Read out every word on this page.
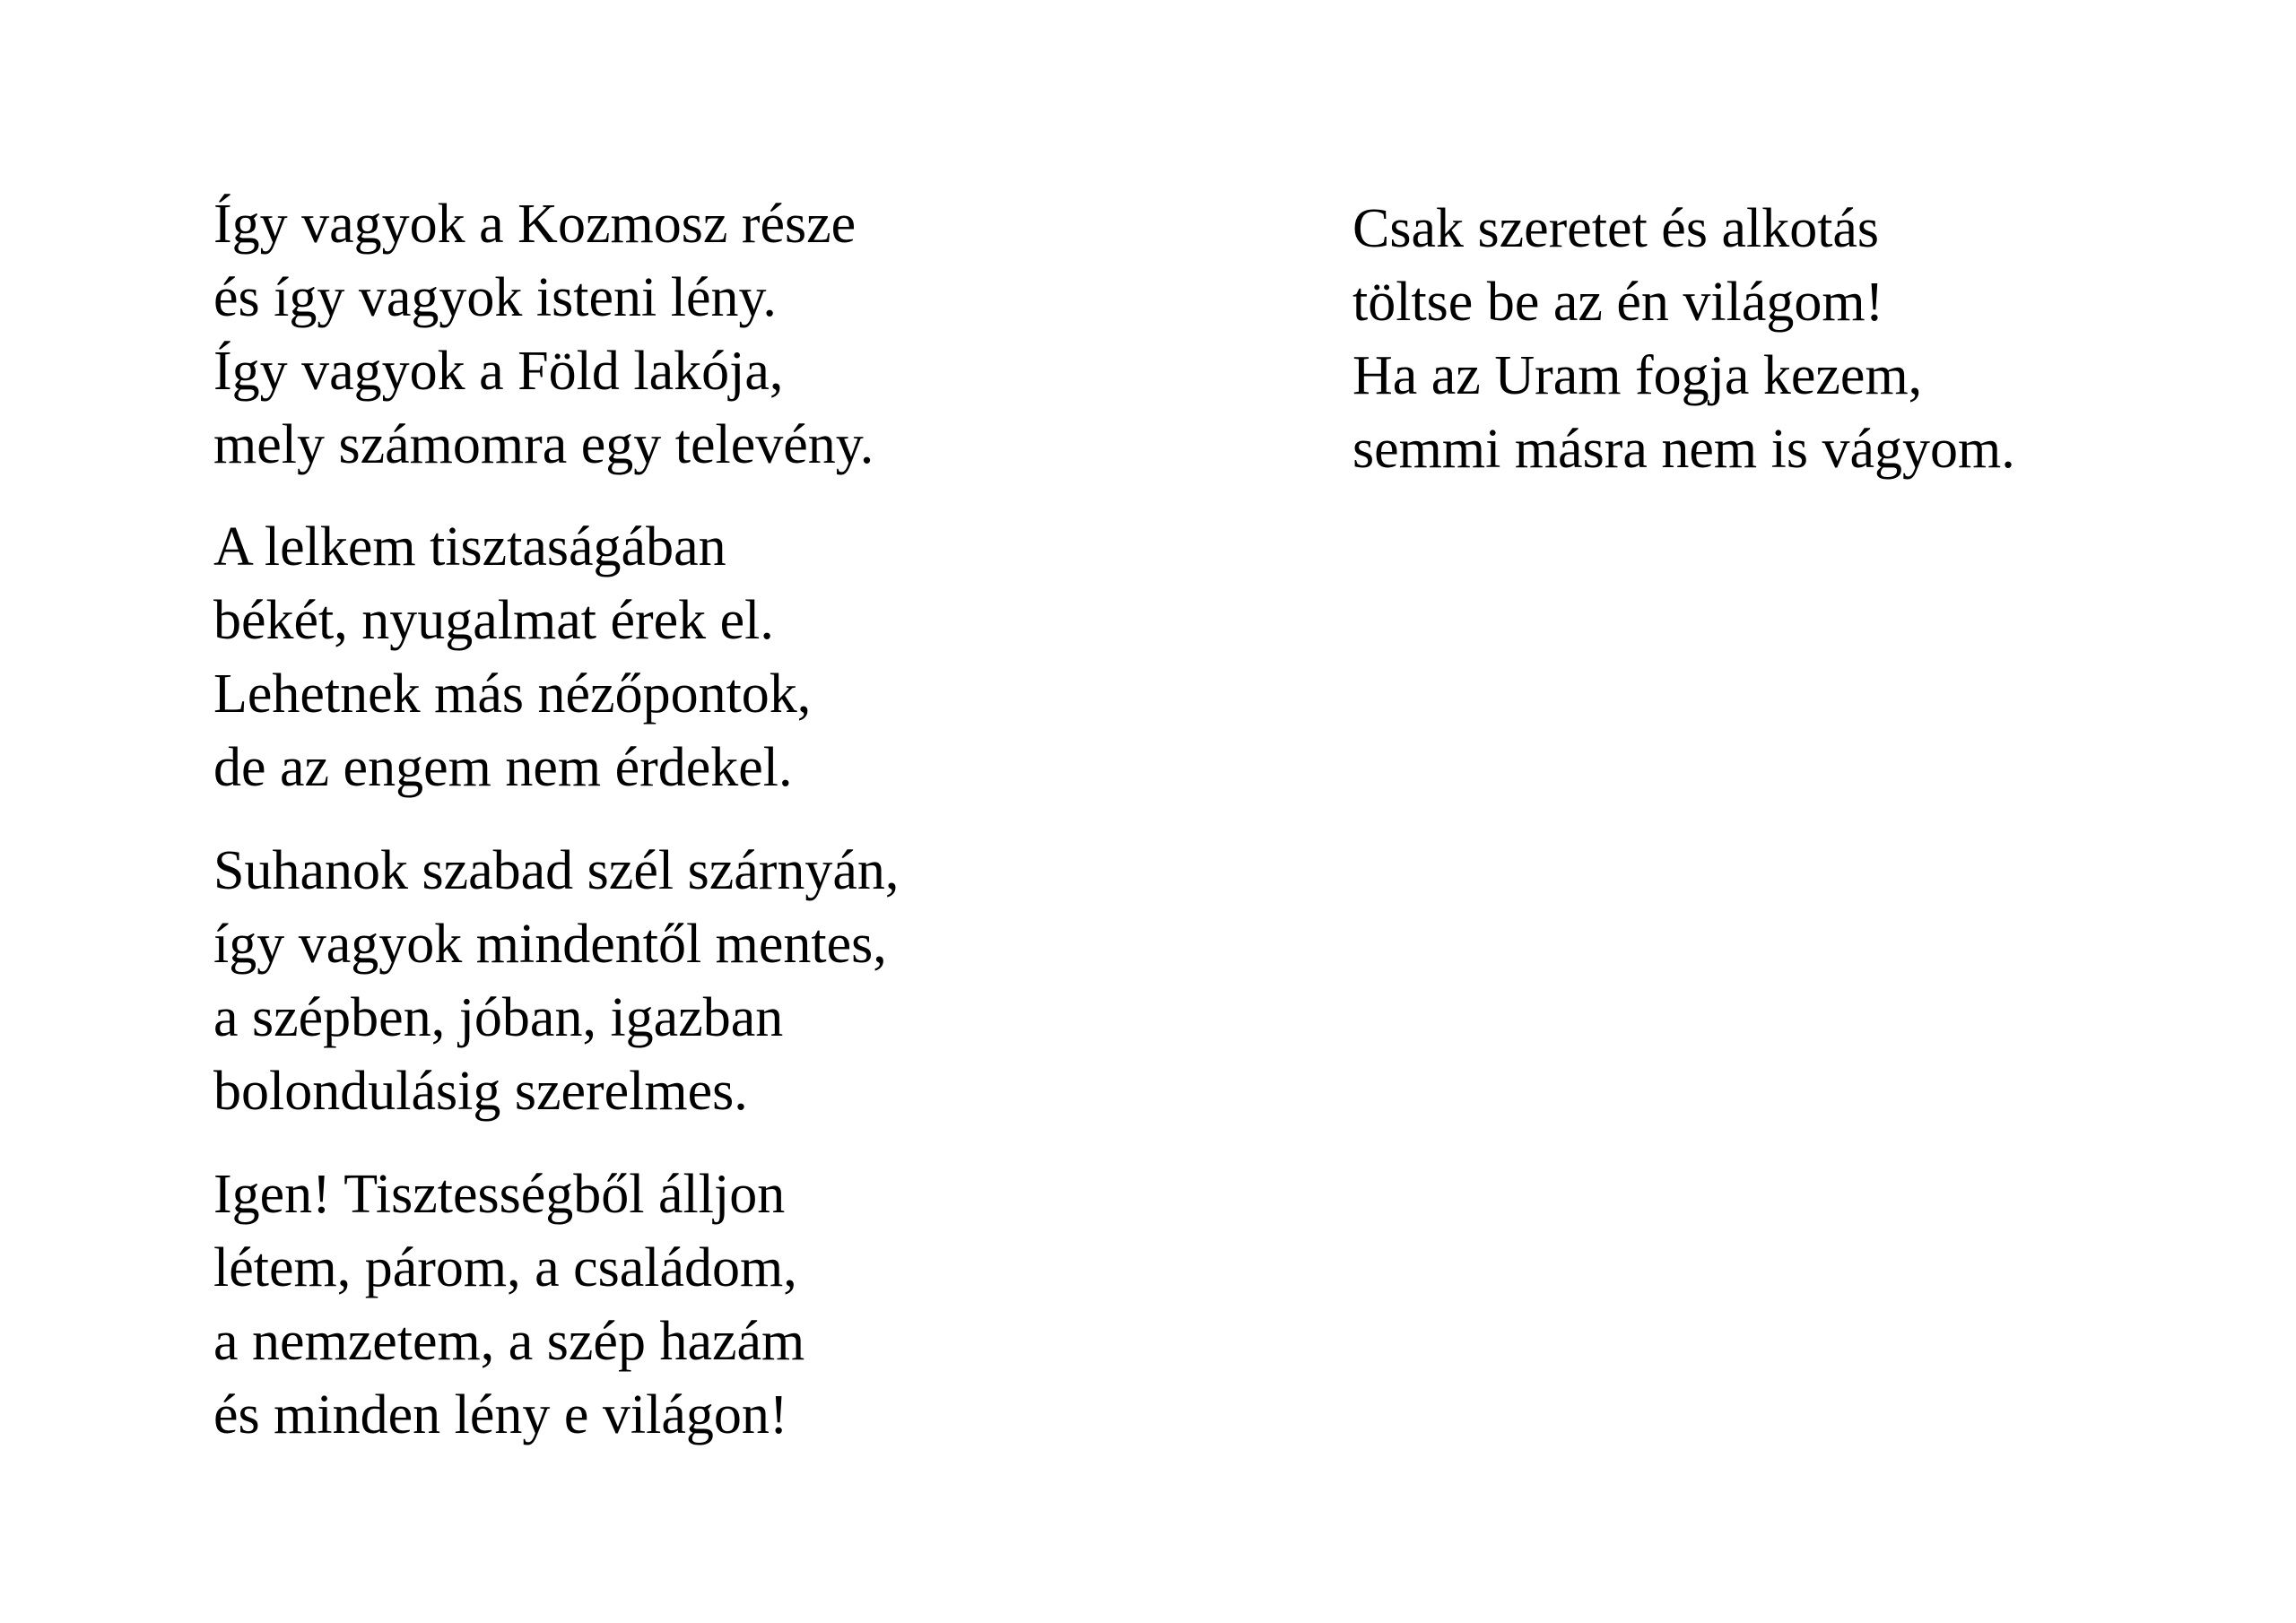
Így vagyok a Kozmosz része
és így vagyok isteni lény.
Így vagyok a Föld lakója,
mely számomra egy televény.
A lelkem tisztaságában
békét, nyugalmat érek el.
Lehetnek más nézőpontok,
de az engem nem érdekel.
Suhanok szabad szél szárnyán,
így vagyok mindentől mentes,
a szépben, jóban, igazban
bolondulásig szerelmes.
Igen! Tisztességből álljon
létem, párom, a családom,
a nemzetem, a szép hazám
és minden lény e világon!
Csak szeretet és alkotás
töltse be az én világom!
Ha az Uram fogja kezem,
semmi másra nem is vágyom.
